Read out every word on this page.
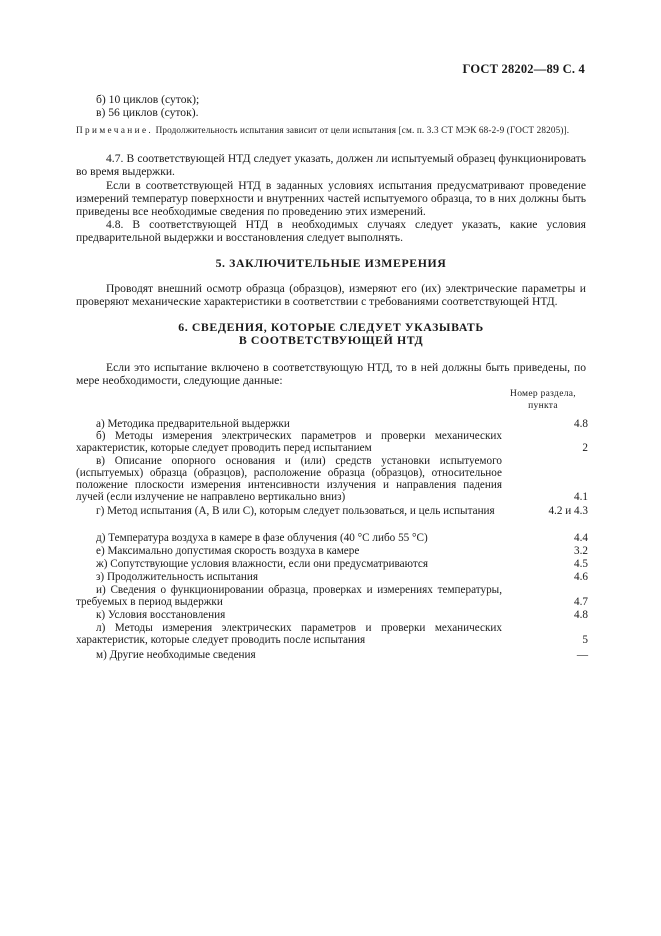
ГОСТ 28202—89 С. 4
б) 10 циклов (суток);
в) 56 циклов (суток).
Примечание. Продолжительность испытания зависит от цели испытания [см. п. 3.3 СТ МЭК 68-2-9 (ГОСТ 28205)].
4.7. В соответствующей НТД следует указать, должен ли испытуемый образец функционировать во время выдержки.
Если в соответствующей НТД в заданных условиях испытания предусматривают проведение измерений температур поверхности и внутренних частей испытуемого образца, то в них должны быть приведены все необходимые сведения по проведению этих измерений.
4.8. В соответствующей НТД в необходимых случаях следует указать, какие условия предварительной выдержки и восстановления следует выполнять.
5. ЗАКЛЮЧИТЕЛЬНЫЕ ИЗМЕРЕНИЯ
Проводят внешний осмотр образца (образцов), измеряют его (их) электрические параметры и проверяют механические характеристики в соответствии с требованиями соответствующей НТД.
6. СВЕДЕНИЯ, КОТОРЫЕ СЛЕДУЕТ УКАЗЫВАТЬ
В СООТВЕТСТВУЮЩЕЙ НТД
Если это испытание включено в соответствующую НТД, то в ней должны быть приведены, по мере необходимости, следующие данные:
Номер раздела,
пункта
а) Методика предварительной выдержки	4.8
б) Методы измерения электрических параметров и проверки механических характеристик, которые следует проводить перед испытанием	2
в) Описание опорного основания и (или) средств установки испытуемого (испытуемых) образца (образцов), расположение образца (образцов), относительное положение плоскости измерения интенсивности излучения и направления падения лучей (если излучение не направлено вертикально вниз)	4.1
г) Метод испытания (А, В или С), которым следует пользоваться, и цель испытания	4.2 и 4.3
д) Температура воздуха в камере в фазе облучения (40 °С либо 55 °С)	4.4
е) Максимально допустимая скорость воздуха в камере	3.2
ж) Сопутствующие условия влажности, если они предусматриваются	4.5
з) Продолжительность испытания	4.6
и) Сведения о функционировании образца, проверках и измерениях температуры, требуемых в период выдержки	4.7
к) Условия восстановления	4.8
л) Методы измерения электрических параметров и проверки механических характеристик, которые следует проводить после испытания	5
м) Другие необходимые сведения	—
